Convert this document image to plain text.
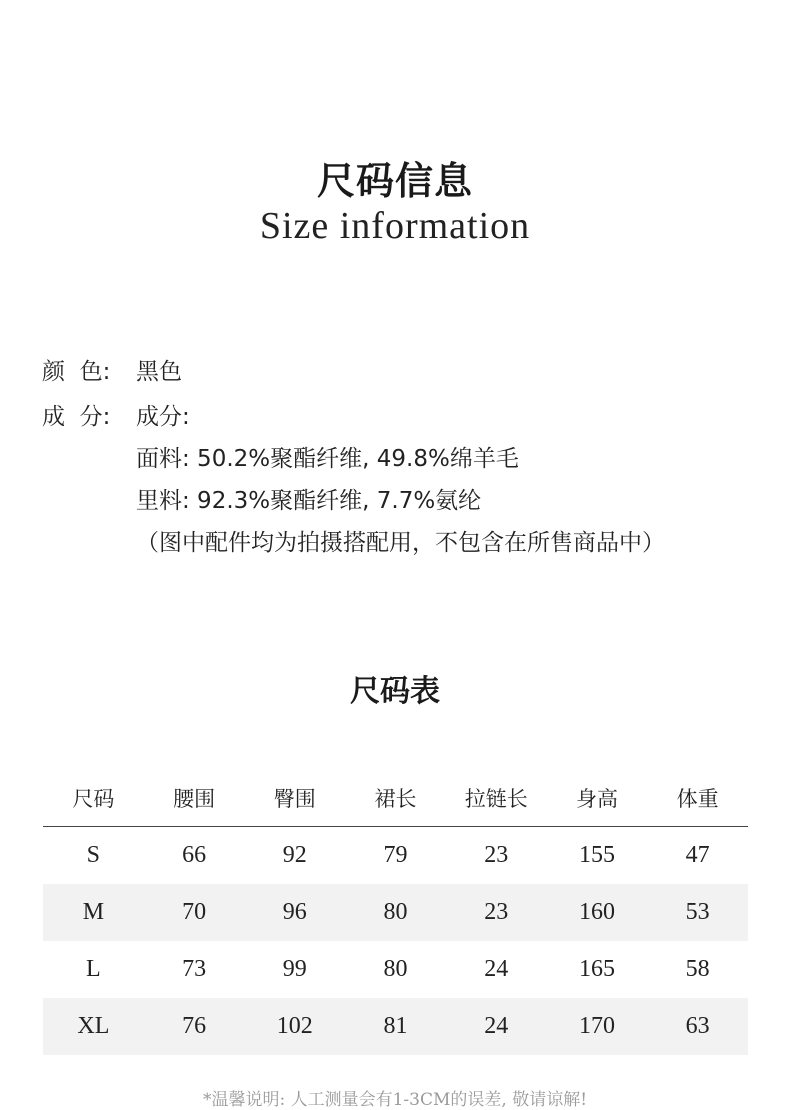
尺码信息
Size information
颜  色: 黑色
成  分: 成分:
面料: 50.2%聚酯纤维, 49.8%绵羊毛
里料: 92.3%聚酯纤维, 7.7%氨纶
（图中配件均为拍摄搭配用，不包含在所售商品中）
尺码表
尺码	腰围	臀围	裙长	拉链长	身高	体重
S	66	92	79	23	155	47
M	70	96	80	23	160	53
L	73	99	80	24	165	58
XL	76	102	81	24	170	63
*温馨说明: 人工测量会有1-3CM的误差, 敬请谅解!
